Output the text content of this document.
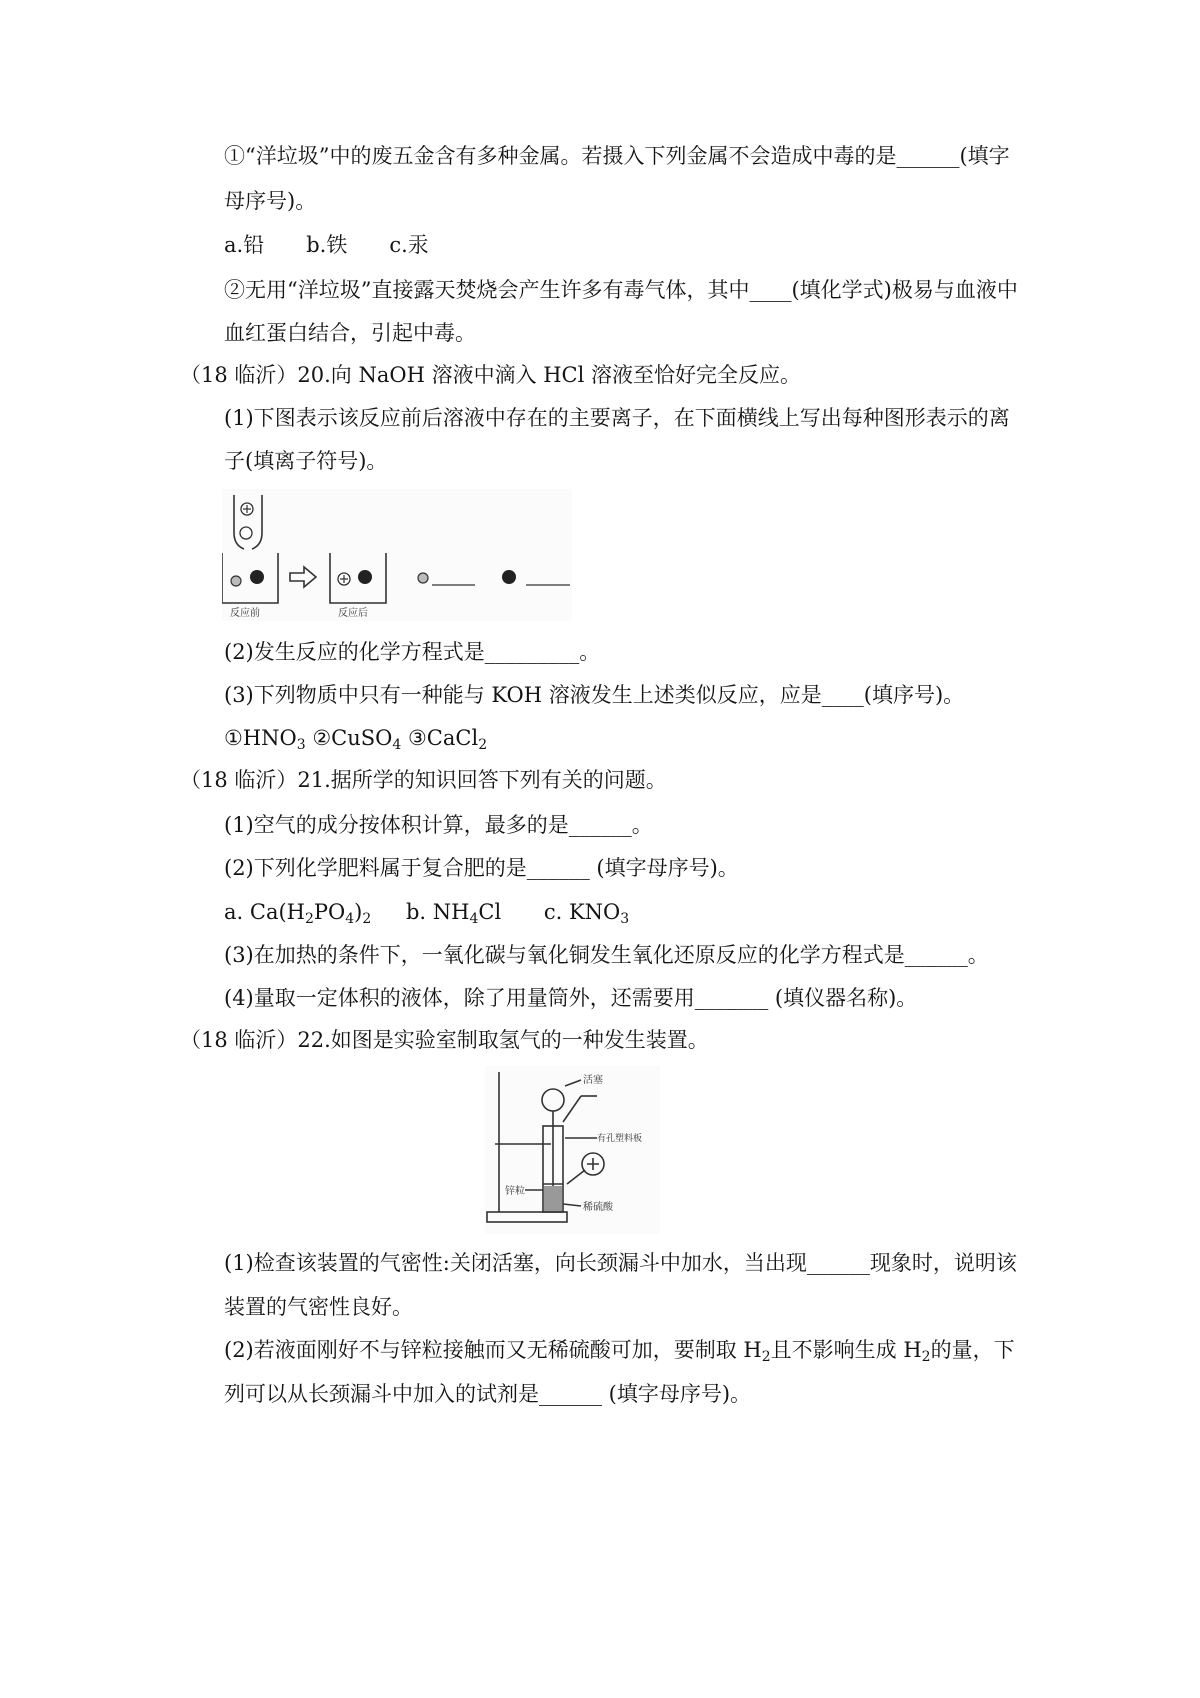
①“洋垃圾”中的废五金含有多种金属。若摄入下列金属不会造成中毒的是______(填字
母序号)。
a.铅　　b.铁　　c.汞
②无用“洋垃圾”直接露天焚烧会产生许多有毒气体，其中____(填化学式)极易与血液中
血红蛋白结合，引起中毒。
（18 临沂）20.向 NaOH 溶液中滴入 HCl 溶液至恰好完全反应。
(1)下图表示该反应前后溶液中存在的主要离子，在下面横线上写出每种图形表示的离
子(填离子符号)。
反应前	反应后
(2)发生反应的化学方程式是_________。
(3)下列物质中只有一种能与 KOH 溶液发生上述类似反应，应是____(填序号)。
$①HNO_3$ ②CuSO$_4$ ③CaCl$_2$
（18 临沂）21.据所学的知识回答下列有关的问题。
(1)空气的成分按体积计算，最多的是______。
(2)下列化学肥料属于复合肥的是______ (填字母序号)。
a. $Ca(H_2PO_4)_2$ b. $NH_4Cl$ c. $KNO_3$
(3)在加热的条件下，一氧化碳与氧化铜发生氧化还原反应的化学方程式是______。
(4)量取一定体积的液体，除了用量筒外，还需要用_______ (填仪器名称)。
（18 临沂）22.如图是实验室制取氢气的一种发生装置。
活塞
有孔塑料板
锌粒
稀硫酸
(1)检查该装置的气密性:关闭活塞，向长颈漏斗中加水，当出现______现象时，说明该
装置的气密性良好。
(2)若液面刚好不与锌粒接触而又无稀硫酸可加，要制取 $H_2$且不影响生成 $H_2$的量，下
列可以从长颈漏斗中加入的试剂是______ (填字母序号)。
